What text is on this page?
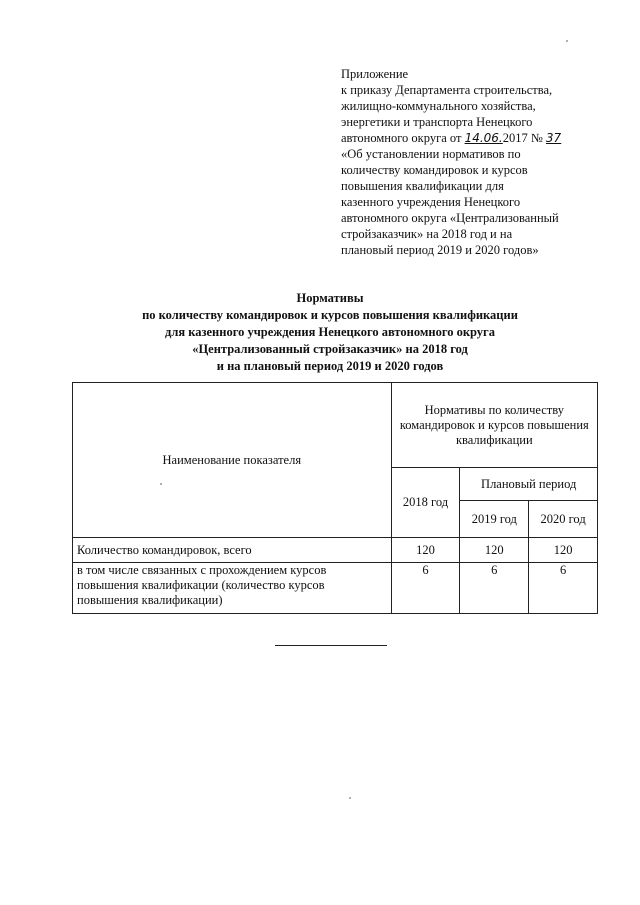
Приложение
к приказу Департамента строительства,
жилищно-коммунального хозяйства,
энергетики и транспорта Ненецкого
автономного округа от 14.06.2017 № 37
«Об установлении нормативов по
количеству командировок и курсов
повышения квалификации для
казенного учреждения Ненецкого
автономного округа «Централизованный
стройзаказчик» на 2018 год и на
плановый период 2019 и 2020 годов»
Нормативы
по количеству командировок и курсов повышения квалификации
для казенного учреждения Ненецкого автономного округа
«Централизованный стройзаказчик» на 2018 год
и на плановый период 2019 и 2020 годов
Наименование показателя	Нормативы по количеству командировок и курсов повышения квалификации		
	2018 год	Плановый период	
		2019 год	2020 год
Количество командировок, всего	120	120	120
в том числе связанных с прохождением курсов повышения квалификации (количество курсов повышения квалификации)	6	6	6
